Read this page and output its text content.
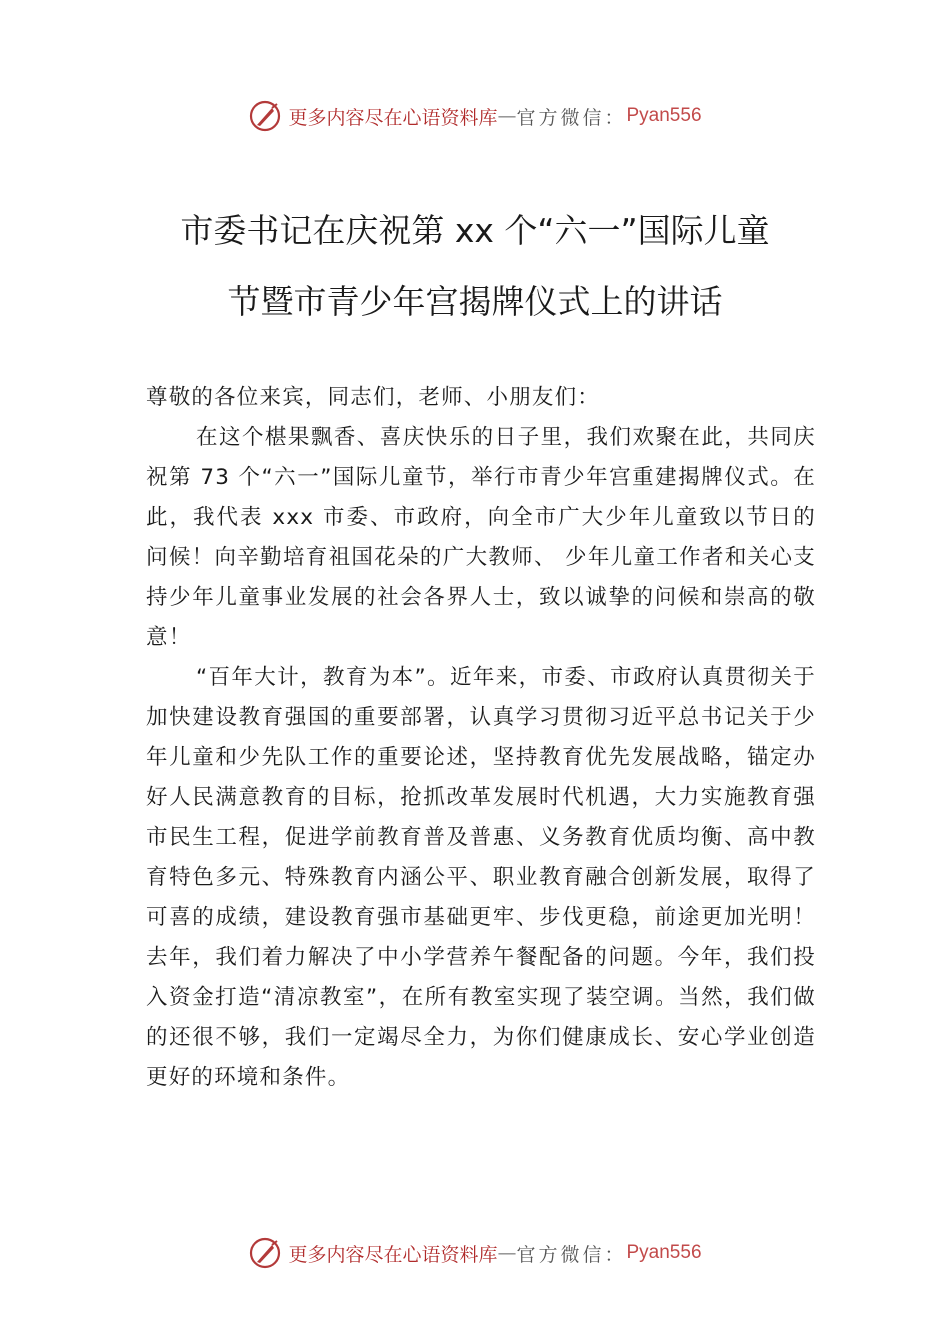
更多内容尽在心语资料库 — 官方微信： Pyan556
市委书记在庆祝第 xx 个“六一”国际儿童
节暨市青少年宫揭牌仪式上的讲话

尊敬的各位来宾，同志们，老师、小朋友们：

在这个椹果飘香、喜庆快乐的日子里，我们欢聚在此，共同庆祝第 73 个“六一”国际儿童节，举行市青少年宫重建揭牌仪式。在此，我代表 xxx 市委、市政府，向全市广大少年儿童致以节日的问候！向辛勤培育祖国花朵的广大教师、 少年儿童工作者和关心支持少年儿童事业发展的社会各界人士，致以诚挚的问候和崇高的敬意！

“百年大计，教育为本”。近年来，市委、市政府认真贯彻关于加快建设教育强国的重要部署，认真学习贯彻习近平总书记关于少年儿童和少先队工作的重要论述，坚持教育优先发展战略，锚定办好人民满意教育的目标，抢抓改革发展时代机遇，大力实施教育强市民生工程，促进学前教育普及普惠、义务教育优质均衡、高中教育特色多元、特殊教育内涵公平、职业教育融合创新发展，取得了可喜的成绩，建设教育强市基础更牢、步伐更稳，前途更加光明！去年，我们着力解决了中小学营养午餐配备的问题。今年，我们投入资金打造“清凉教室”，在所有教室实现了装空调。当然，我们做的还很不够，我们一定竭尽全力，为你们健康成长、安心学业创造更好的环境和条件。

更多内容尽在心语资料库 — 官方微信： Pyan556
